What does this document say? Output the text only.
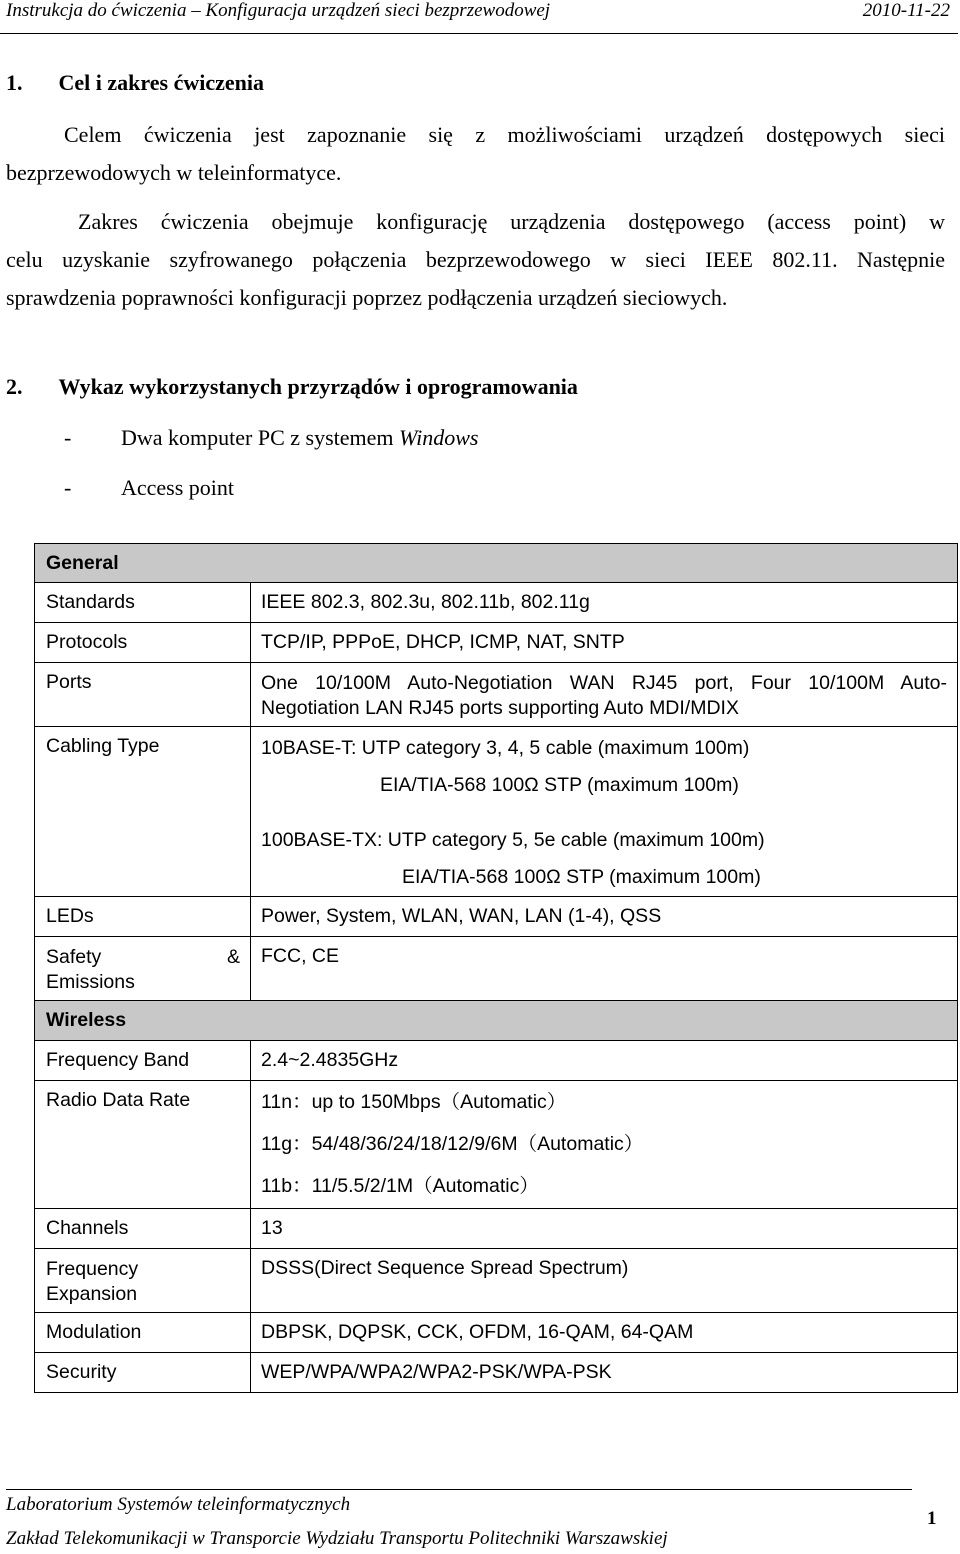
Instrukcja do ćwiczenia – Konfiguracja urządzeń sieci bezprzewodowej	2010-11-22
1. Cel i zakres ćwiczenia
Celem ćwiczenia jest zapoznanie się z możliwościami urządzeń dostępowych sieci
bezprzewodowych w teleinformatyce.
Zakres ćwiczenia obejmuje konfigurację urządzenia dostępowego (access point) w
celu uzyskanie szyfrowanego połączenia bezprzewodowego w sieci IEEE 802.11. Następnie
sprawdzenia poprawności konfiguracji poprzez podłączenia urządzeń sieciowych.
2. Wykaz wykorzystanych przyrządów i oprogramowania
- Dwa komputer PC z systemem Windows
- Access point
General	
Standards	IEEE 802.3, 802.3u, 802.11b, 802.11g
Protocols	TCP/IP, PPPoE, DHCP, ICMP, NAT, SNTP
Ports	One 10/100M Auto-Negotiation WAN RJ45 port, Four 10/100M Auto-
Negotiation LAN RJ45 ports supporting Auto MDI/MDIX

Cabling Type	10BASE-T: UTP category 3, 4, 5 cable (maximum 100m)
EIA/TIA-568 100Ω STP (maximum 100m)
100BASE-TX: UTP category 5, 5e cable (maximum 100m)
EIA/TIA-568 100Ω STP (maximum 100m)

LEDs	Power, System, WLAN, WAN, LAN (1-4), QSS

Safety &
Emissions	FCC, CE
Wireless	
Frequency Band	2.4~2.4835GHz
Radio Data Rate	11n：up to 150Mbps（Automatic）
11g：54/48/36/24/18/12/9/6M（Automatic）
11b：11/5.5/2/1M（Automatic）

Channels	13

Frequency
Expansion	DSSS(Direct Sequence Spread Spectrum)
Modulation	DBPSK, DQPSK, CCK, OFDM, 16-QAM, 64-QAM
Security	WEP/WPA/WPA2/WPA2-PSK/WPA-PSK
Laboratorium Systemów teleinformatycznych
Zakład Telekomunikacji w Transporcie Wydziału Transportu Politechniki Warszawskiej
1
